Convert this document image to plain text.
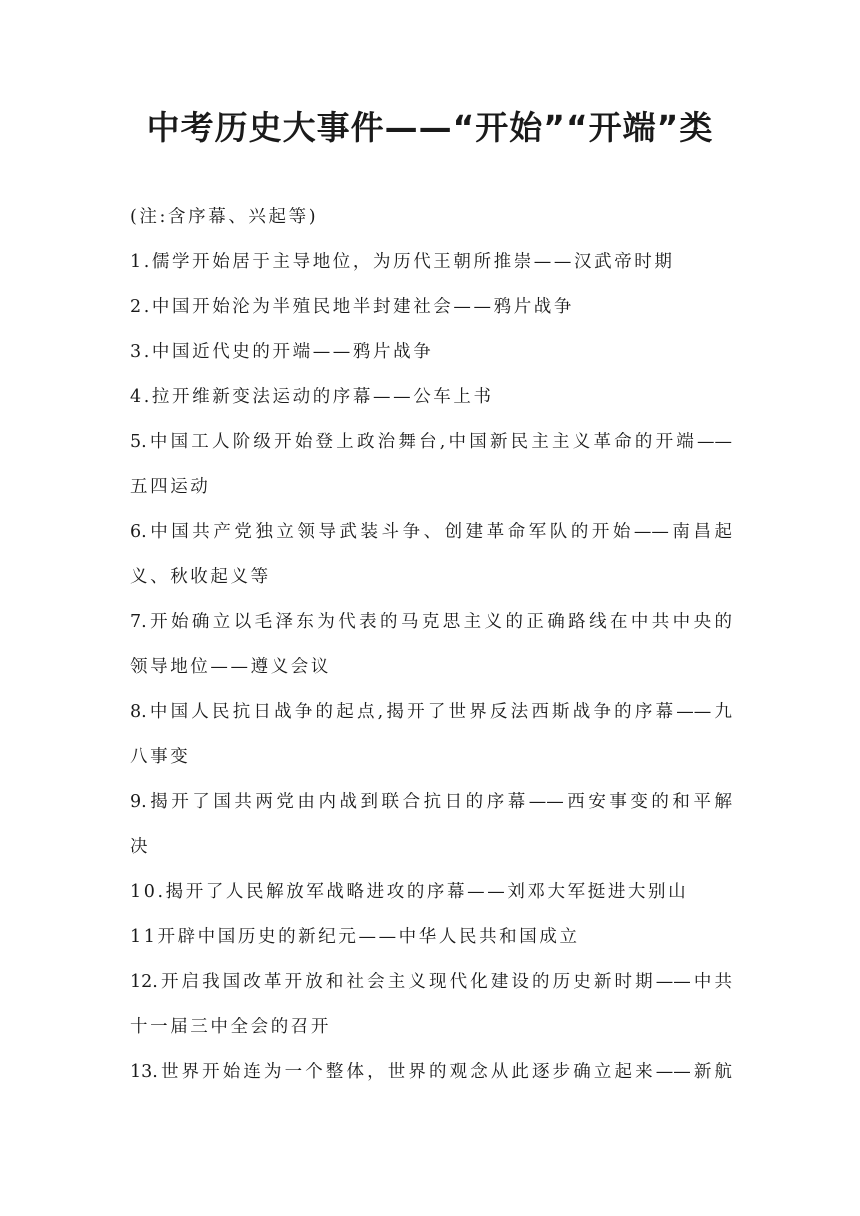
中考历史大事件——“开始”“开端”类
(注:含序幕、兴起等)
1.儒学开始居于主导地位，为历代王朝所推崇——汉武帝时期
2.中国开始沦为半殖民地半封建社会——鸦片战争
3.中国近代史的开端——鸦片战争
4.拉开维新变法运动的序幕——公车上书
5.中国工人阶级开始登上政治舞台,中国新民主主义革命的开端——
五四运动
6.中国共产党独立领导武装斗争、创建革命军队的开始——南昌起
义、秋收起义等
7.开始确立以毛泽东为代表的马克思主义的正确路线在中共中央的
领导地位——遵义会议
8.中国人民抗日战争的起点,揭开了世界反法西斯战争的序幕——九
八事变
9.揭开了国共两党由内战到联合抗日的序幕——西安事变的和平解
决
10.揭开了人民解放军战略进攻的序幕——刘邓大军挺进大别山
11开辟中国历史的新纪元——中华人民共和国成立
12.开启我国改革开放和社会主义现代化建设的历史新时期——中共
十一届三中全会的召开
13.世界开始连为一个整体，世界的观念从此逐步确立起来——新航
